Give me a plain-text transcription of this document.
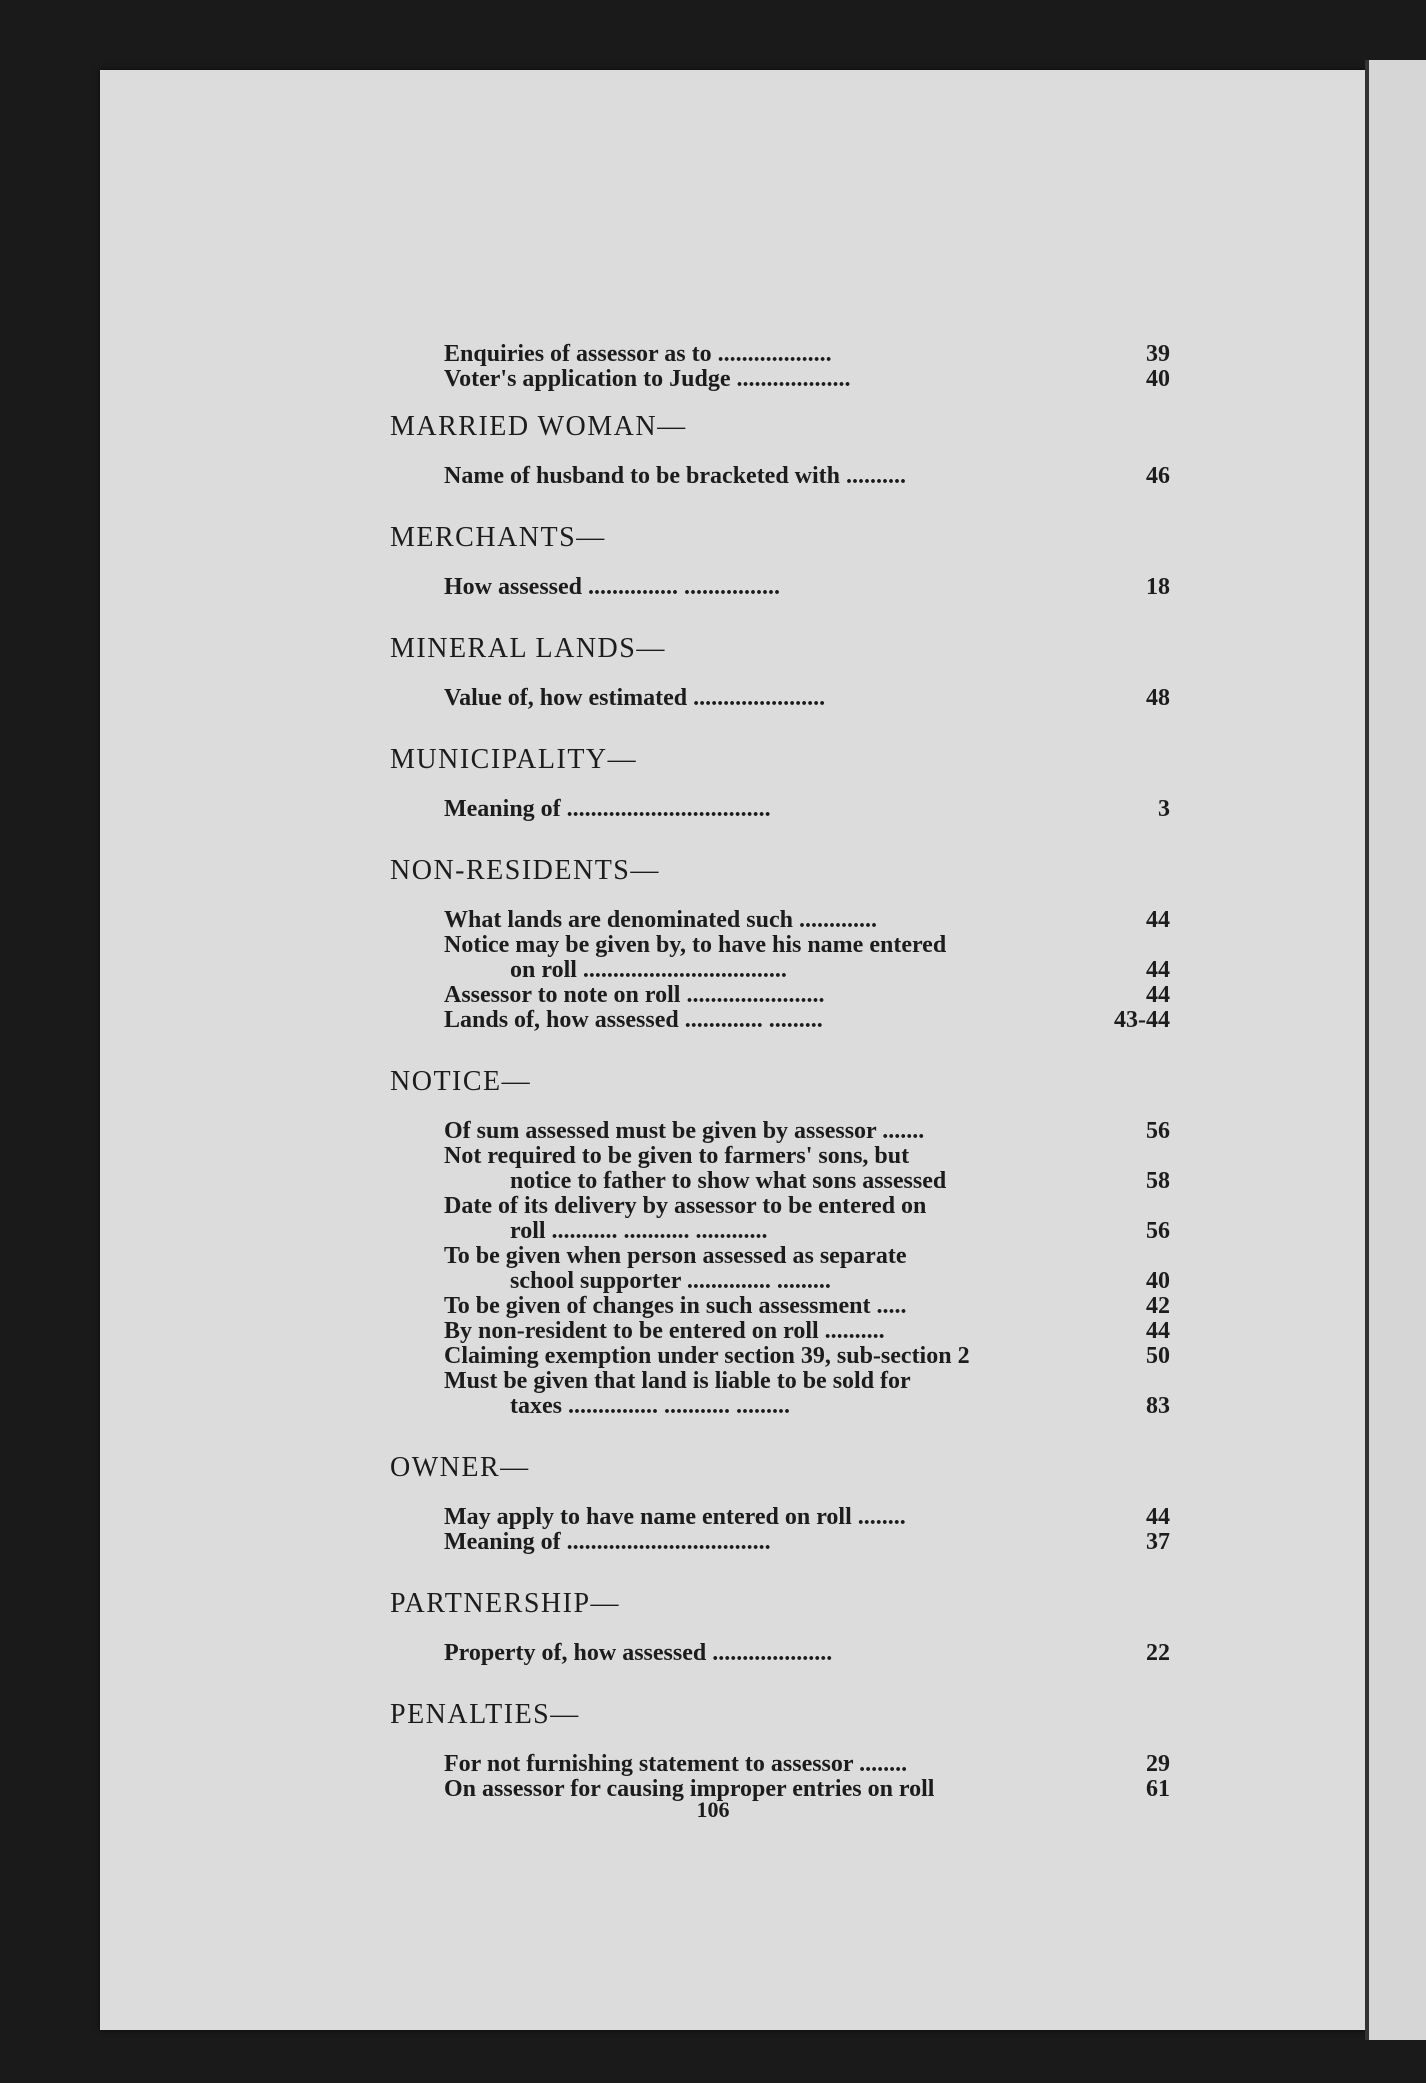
Enquiries of assessor as to ...................	39
Voter's application to Judge ...................	40
MARRIED WOMAN—
Name of husband to be bracketed with ..........	46
MERCHANTS—
How assessed ............... ................	18
MINERAL LANDS—
Value of, how estimated ......................	48
MUNICIPALITY—
Meaning of ..................................	3
NON-RESIDENTS—
What lands are denominated such .............	44
Notice may be given by, to have his name entered
on roll ..................................	44
Assessor to note on roll .......................	44
Lands of, how assessed ............. .........	43-44
NOTICE—
Of sum assessed must be given by assessor .......	56
Not required to be given to farmers' sons, but
notice to father to show what sons assessed	58
Date of its delivery by assessor to be entered on
roll ........... ........... ............	56
To be given when person assessed as separate
school supporter .............. .........	40
To be given of changes in such assessment .....	42
By non-resident to be entered on roll ..........	44
Claiming exemption under section 39, sub-section 2	50
Must be given that land is liable to be sold for
taxes ............... ........... .........	83
OWNER—
May apply to have name entered on roll ........	44
Meaning of ..................................	37
PARTNERSHIP—
Property of, how assessed ....................	22
PENALTIES—
For not furnishing statement to assessor ........	29
On assessor for causing improper entries on roll	61
106
